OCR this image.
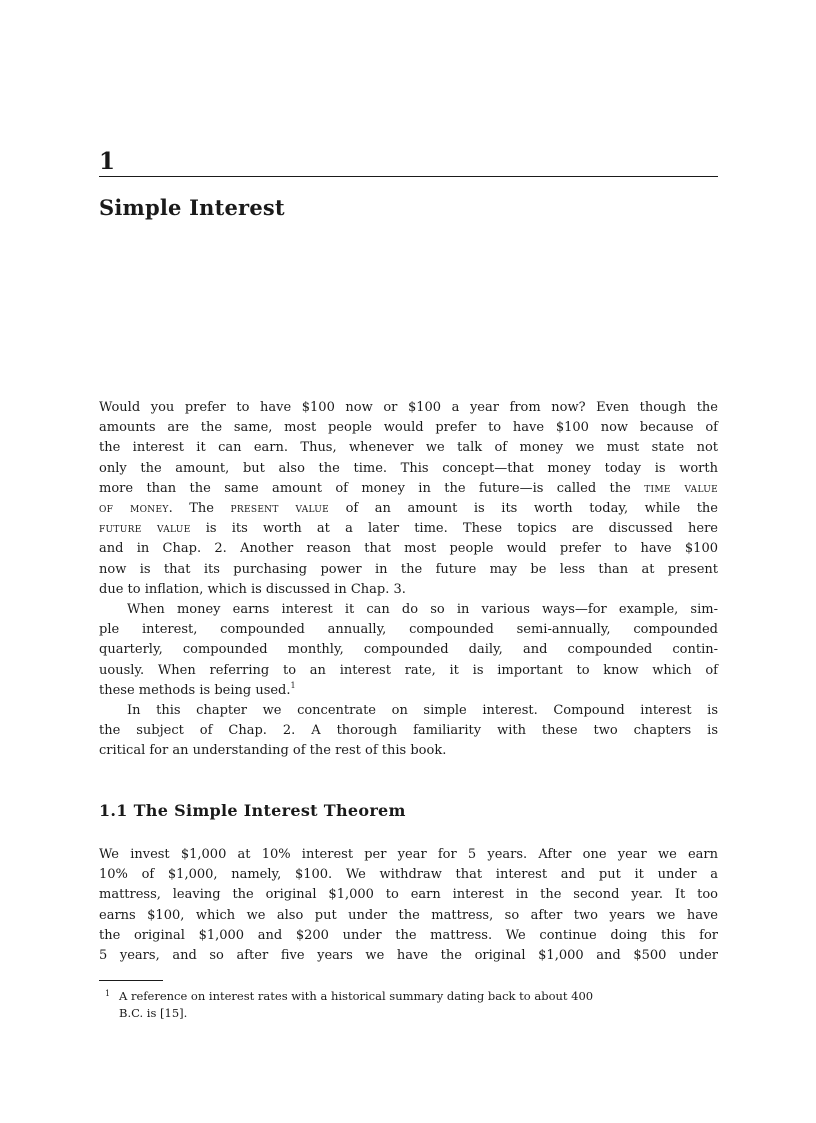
1
Simple Interest
Would you prefer to have $100 now or $100 a year from now? Even though the
amounts are the same, most people would prefer to have $100 now because of
the interest it can earn. Thus, whenever we talk of money we must state not
only the amount, but also the time. This concept—that money today is worth
more than the same amount of money in the future—is called the time value
of money. The present value of an amount is its worth today, while the
future value is its worth at a later time. These topics are discussed here
and in Chap. 2. Another reason that most people would prefer to have $100
now is that its purchasing power in the future may be less than at present
due to inflation, which is discussed in Chap. 3.
When money earns interest it can do so in various ways—for example, sim-
ple interest, compounded annually, compounded semi-annually, compounded
quarterly, compounded monthly, compounded daily, and compounded contin-
uously. When referring to an interest rate, it is important to know which of
these methods is being used.$^1$
In this chapter we concentrate on simple interest. Compound interest is
the subject of Chap. 2. A thorough familiarity with these two chapters is
critical for an understanding of the rest of this book.
1.1 The Simple Interest Theorem
We invest $1,000 at 10% interest per year for 5 years. After one year we earn
10% of $1,000, namely, $100. We withdraw that interest and put it under a
mattress, leaving the original $1,000 to earn interest in the second year. It too
earns $100, which we also put under the mattress, so after two years we have
the original $1,000 and $200 under the mattress. We continue doing this for
5 years, and so after five years we have the original $1,000 and $500 under
1 A reference on interest rates with a historical summary dating back to about 400
B.C. is [15].
